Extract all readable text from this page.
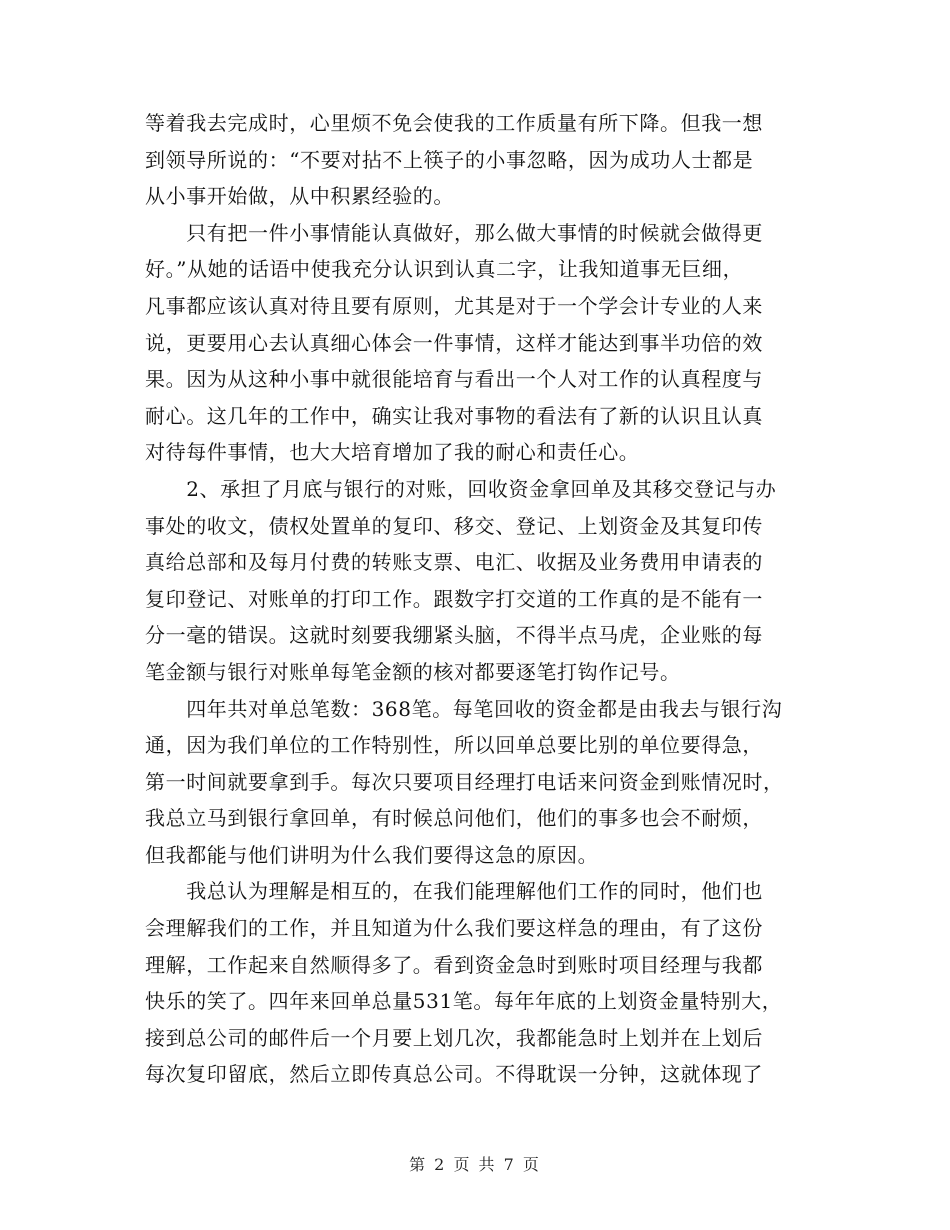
等着我去完成时，心里烦不免会使我的工作质量有所下降。但我一想
到领导所说的：“不要对拈不上筷子的小事忽略，因为成功人士都是
从小事开始做，从中积累经验的。

　　只有把一件小事情能认真做好，那么做大事情的时候就会做得更
好。”从她的话语中使我充分认识到认真二字，让我知道事无巨细，
凡事都应该认真对待且要有原则，尤其是对于一个学会计专业的人来
说，更要用心去认真细心体会一件事情，这样才能达到事半功倍的效
果。因为从这种小事中就很能培育与看出一个人对工作的认真程度与
耐心。这几年的工作中，确实让我对事物的看法有了新的认识且认真
对待每件事情，也大大培育增加了我的耐心和责任心。

　　2、承担了月底与银行的对账，回收资金拿回单及其移交登记与办
事处的收文，债权处置单的复印、移交、登记、上划资金及其复印传
真给总部和及每月付费的转账支票、电汇、收据及业务费用申请表的
复印登记、对账单的打印工作。跟数字打交道的工作真的是不能有一
分一毫的错误。这就时刻要我绷紧头脑，不得半点马虎，企业账的每
笔金额与银行对账单每笔金额的核对都要逐笔打钩作记号。

　　四年共对单总笔数：368笔。每笔回收的资金都是由我去与银行沟
通，因为我们单位的工作特别性，所以回单总要比别的单位要得急，
第一时间就要拿到手。每次只要项目经理打电话来问资金到账情况时，
我总立马到银行拿回单，有时候总问他们，他们的事多也会不耐烦，
但我都能与他们讲明为什么我们要得这急的原因。

　　我总认为理解是相互的，在我们能理解他们工作的同时，他们也
会理解我们的工作，并且知道为什么我们要这样急的理由，有了这份
理解，工作起来自然顺得多了。看到资金急时到账时项目经理与我都
快乐的笑了。四年来回单总量531笔。每年年底的上划资金量特别大，
接到总公司的邮件后一个月要上划几次，我都能急时上划并在上划后
每次复印留底，然后立即传真总公司。不得耽误一分钟，这就体现了

第 2 页 共 7 页
